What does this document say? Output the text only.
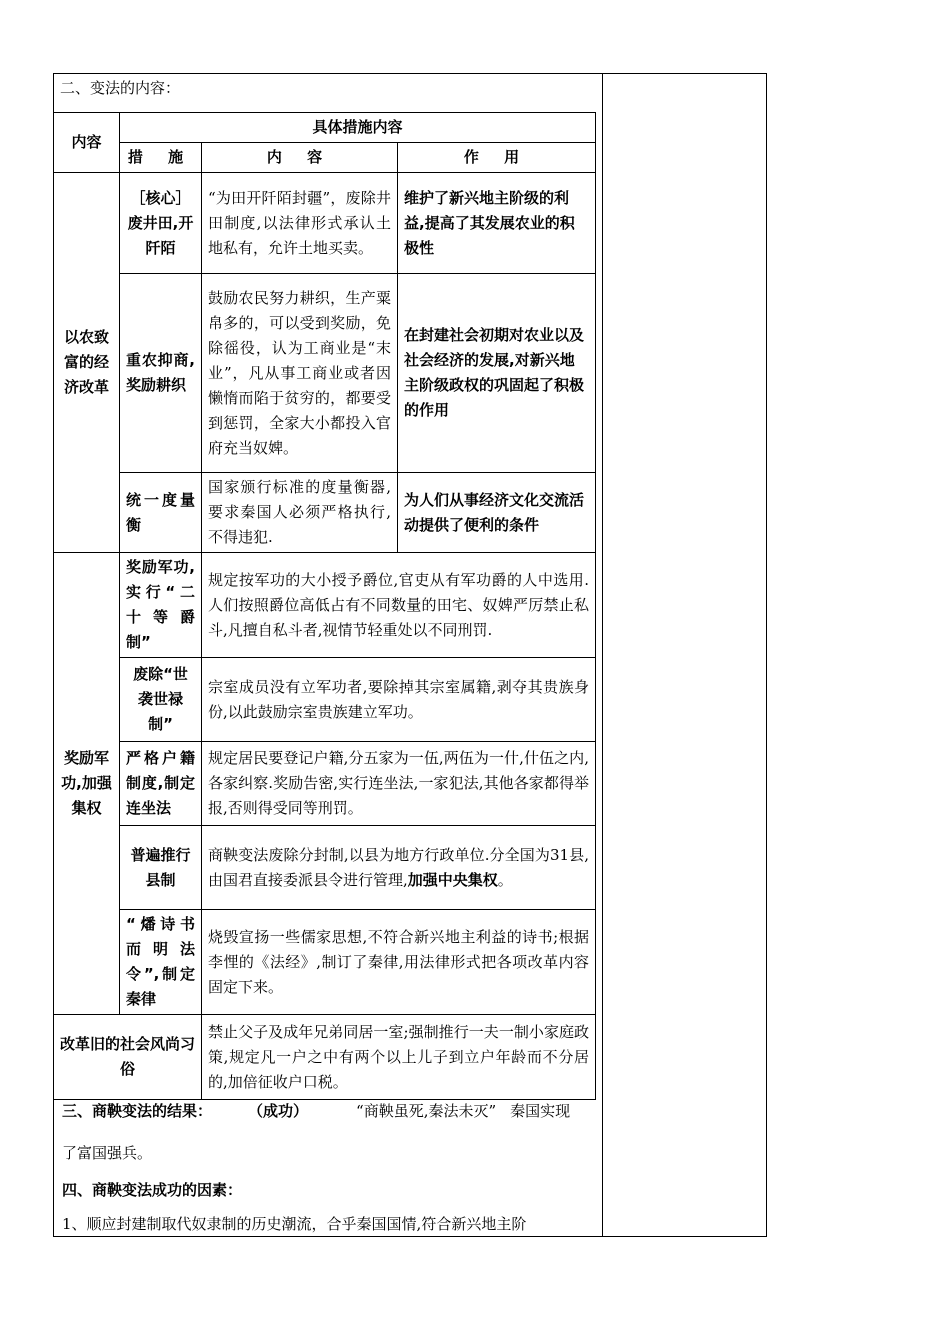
二、变法的内容：
内容	具体措施内容		
	措 施	内 容	作 用
以农致富的经济改革	［核心］废井田,开阡陌	“为田开阡陌封疆”，废除井田制度,以法律形式承认土地私有，允许土地买卖。	维护了新兴地主阶级的利益,提高了其发展农业的积极性
	重农抑商,奖励耕织	鼓励农民努力耕织，生产粟帛多的，可以受到奖励，免除徭役，认为工商业是“末业”，凡从事工商业或者因懒惰而陷于贫穷的，都要受到惩罚，全家大小都投入官府充当奴婢。	在封建社会初期对农业以及社会经济的发展,对新兴地主阶级政权的巩固起了积极的作用
	统一度量衡	国家颁行标准的度量衡器,要求秦国人必须严格执行,不得违犯.	为人们从事经济文化交流活动提供了便利的条件
奖励军功,加强集权	奖励军功,实行“二十等爵制”	规定按军功的大小授予爵位,官吏从有军功爵的人中选用.人们按照爵位高低占有不同数量的田宅、奴婢严厉禁止私斗,凡擅自私斗者,视情节轻重处以不同刑罚.	
	废除“世袭世禄制”	宗室成员没有立军功者,要除掉其宗室属籍,剥夺其贵族身份,以此鼓励宗室贵族建立军功。	
	严格户籍制度,制定连坐法	规定居民要登记户籍,分五家为一伍,两伍为一什,什伍之内,各家纠察.奖励告密,实行连坐法,一家犯法,其他各家都得举报,否则得受同等刑罚。	
	普遍推行县制	商鞅变法废除分封制,以县为地方行政单位.分全国为31县,由国君直接委派县令进行管理,加强中央集权。	
	“燔诗书而明法令”,制定秦律	烧毁宣扬一些儒家思想,不符合新兴地主利益的诗书;根据李悝的《法经》,制订了秦律,用法律形式把各项改革内容固定下来。	
改革旧的社会风尚习俗		禁止父子及成年兄弟同居一室;强制推行一夫一制小家庭政策,规定凡一户之中有两个以上儿子到立户年龄而不分居的,加倍征收户口税。	
三、商鞅变法的结果： （成功）	“商鞅虽死,秦法未灭” 秦国实现
了富国强兵。
四、商鞅变法成功的因素：
1、顺应封建制取代奴隶制的历史潮流，合乎秦国国情,符合新兴地主阶
